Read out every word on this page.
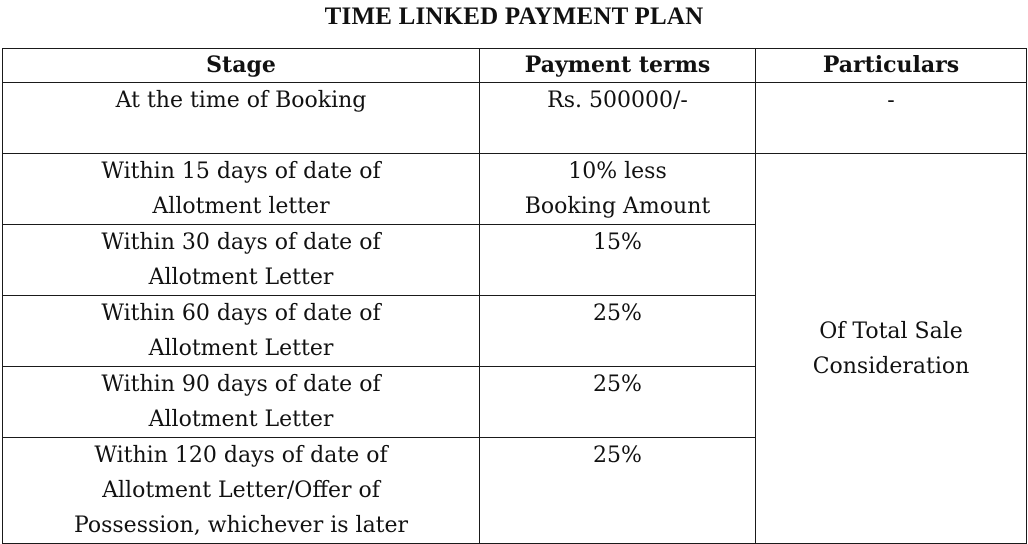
TIME LINKED PAYMENT PLAN
Stage	Payment terms	Particulars

At the time of Booking	Rs. 500000/-	-

Within 15 days of date of Allotment letter	10% less Booking Amount	Of Total Sale Consideration

Within 30 days of date of Allotment Letter	15%	

Within 60 days of date of Allotment Letter	25%	

Within 90 days of date of Allotment Letter	25%	

Within 120 days of date of Allotment Letter/Offer of Possession, whichever is later	25%	
